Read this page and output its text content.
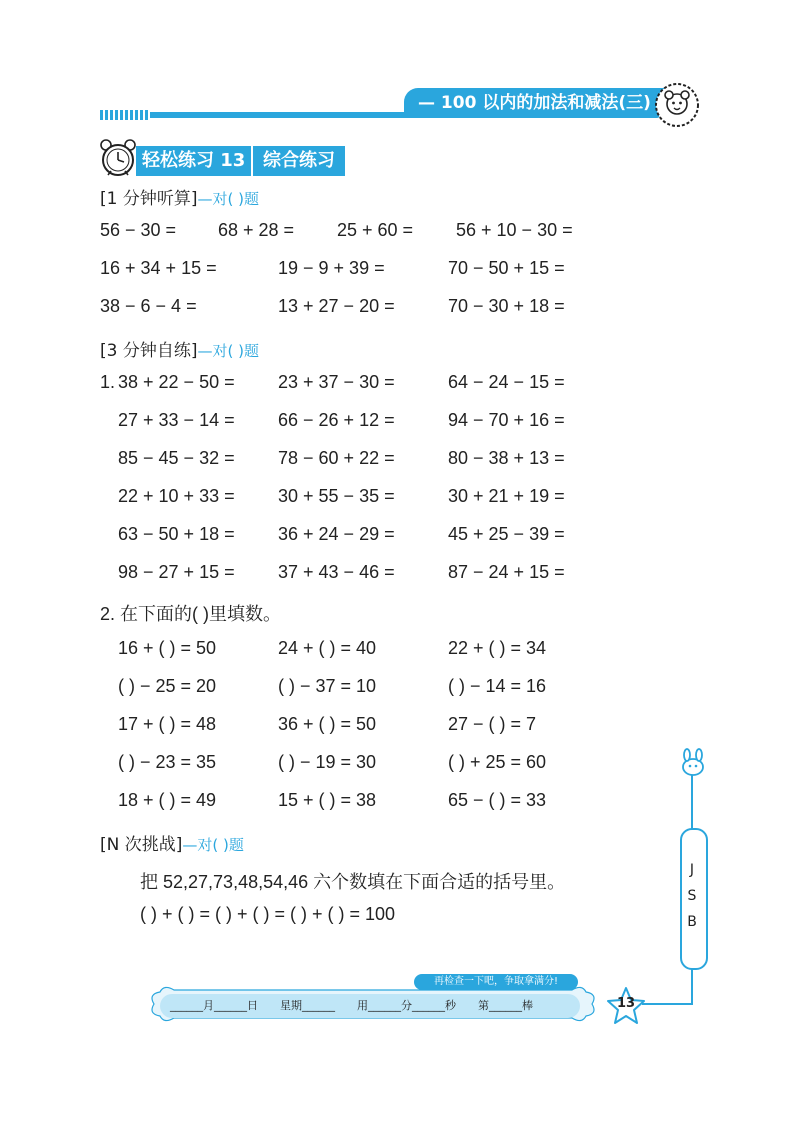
— 100 以内的加法和减法(三)
轻松练习 13 综合练习
[1 分钟听算]—对( )题
56 − 30 = 68 + 28 = 25 + 60 = 56 + 10 − 30 =
16 + 34 + 15 =	19 − 9 + 39 =	70 − 50 + 15 =
38 − 6 − 4 =	13 + 27 − 20 =	70 − 30 + 18 =
[3 分钟自练]—对( )题
1. 38 + 22 − 50 = 23 + 37 − 30 =	64 − 24 − 15 =
27 + 33 − 14 = 66 − 26 + 12 =	94 − 70 + 16 =
85 − 45 − 32 = 78 − 60 + 22 =	80 − 38 + 13 =
22 + 10 + 33 = 30 + 55 − 35 =	30 + 21 + 19 =
63 − 50 + 18 = 36 + 24 − 29 =	45 + 25 − 39 =
98 − 27 + 15 = 37 + 43 − 46 =	87 − 24 + 15 =
2. 在下面的( )里填数。
16 + ( ) = 50	24 + ( ) = 40	22 + ( ) = 34
( ) − 25 = 20	( ) − 37 = 10	( ) − 14 = 16
17 + ( ) = 48	36 + ( ) = 50	27 − ( ) = 7
( ) − 23 = 35	( ) − 19 = 30	( ) + 25 = 60
18 + ( ) = 49	15 + ( ) = 38	65 − ( ) = 33
[N 次挑战]—对( )题
把 52,27,73,48,54,46 六个数填在下面合适的括号里。
( ) + ( ) = ( ) + ( ) = ( ) + ( ) = 100
J
S
B
______月______日　　星期______　　用______分______秒　　第______棒
再检查一下吧，争取拿满分!
13
